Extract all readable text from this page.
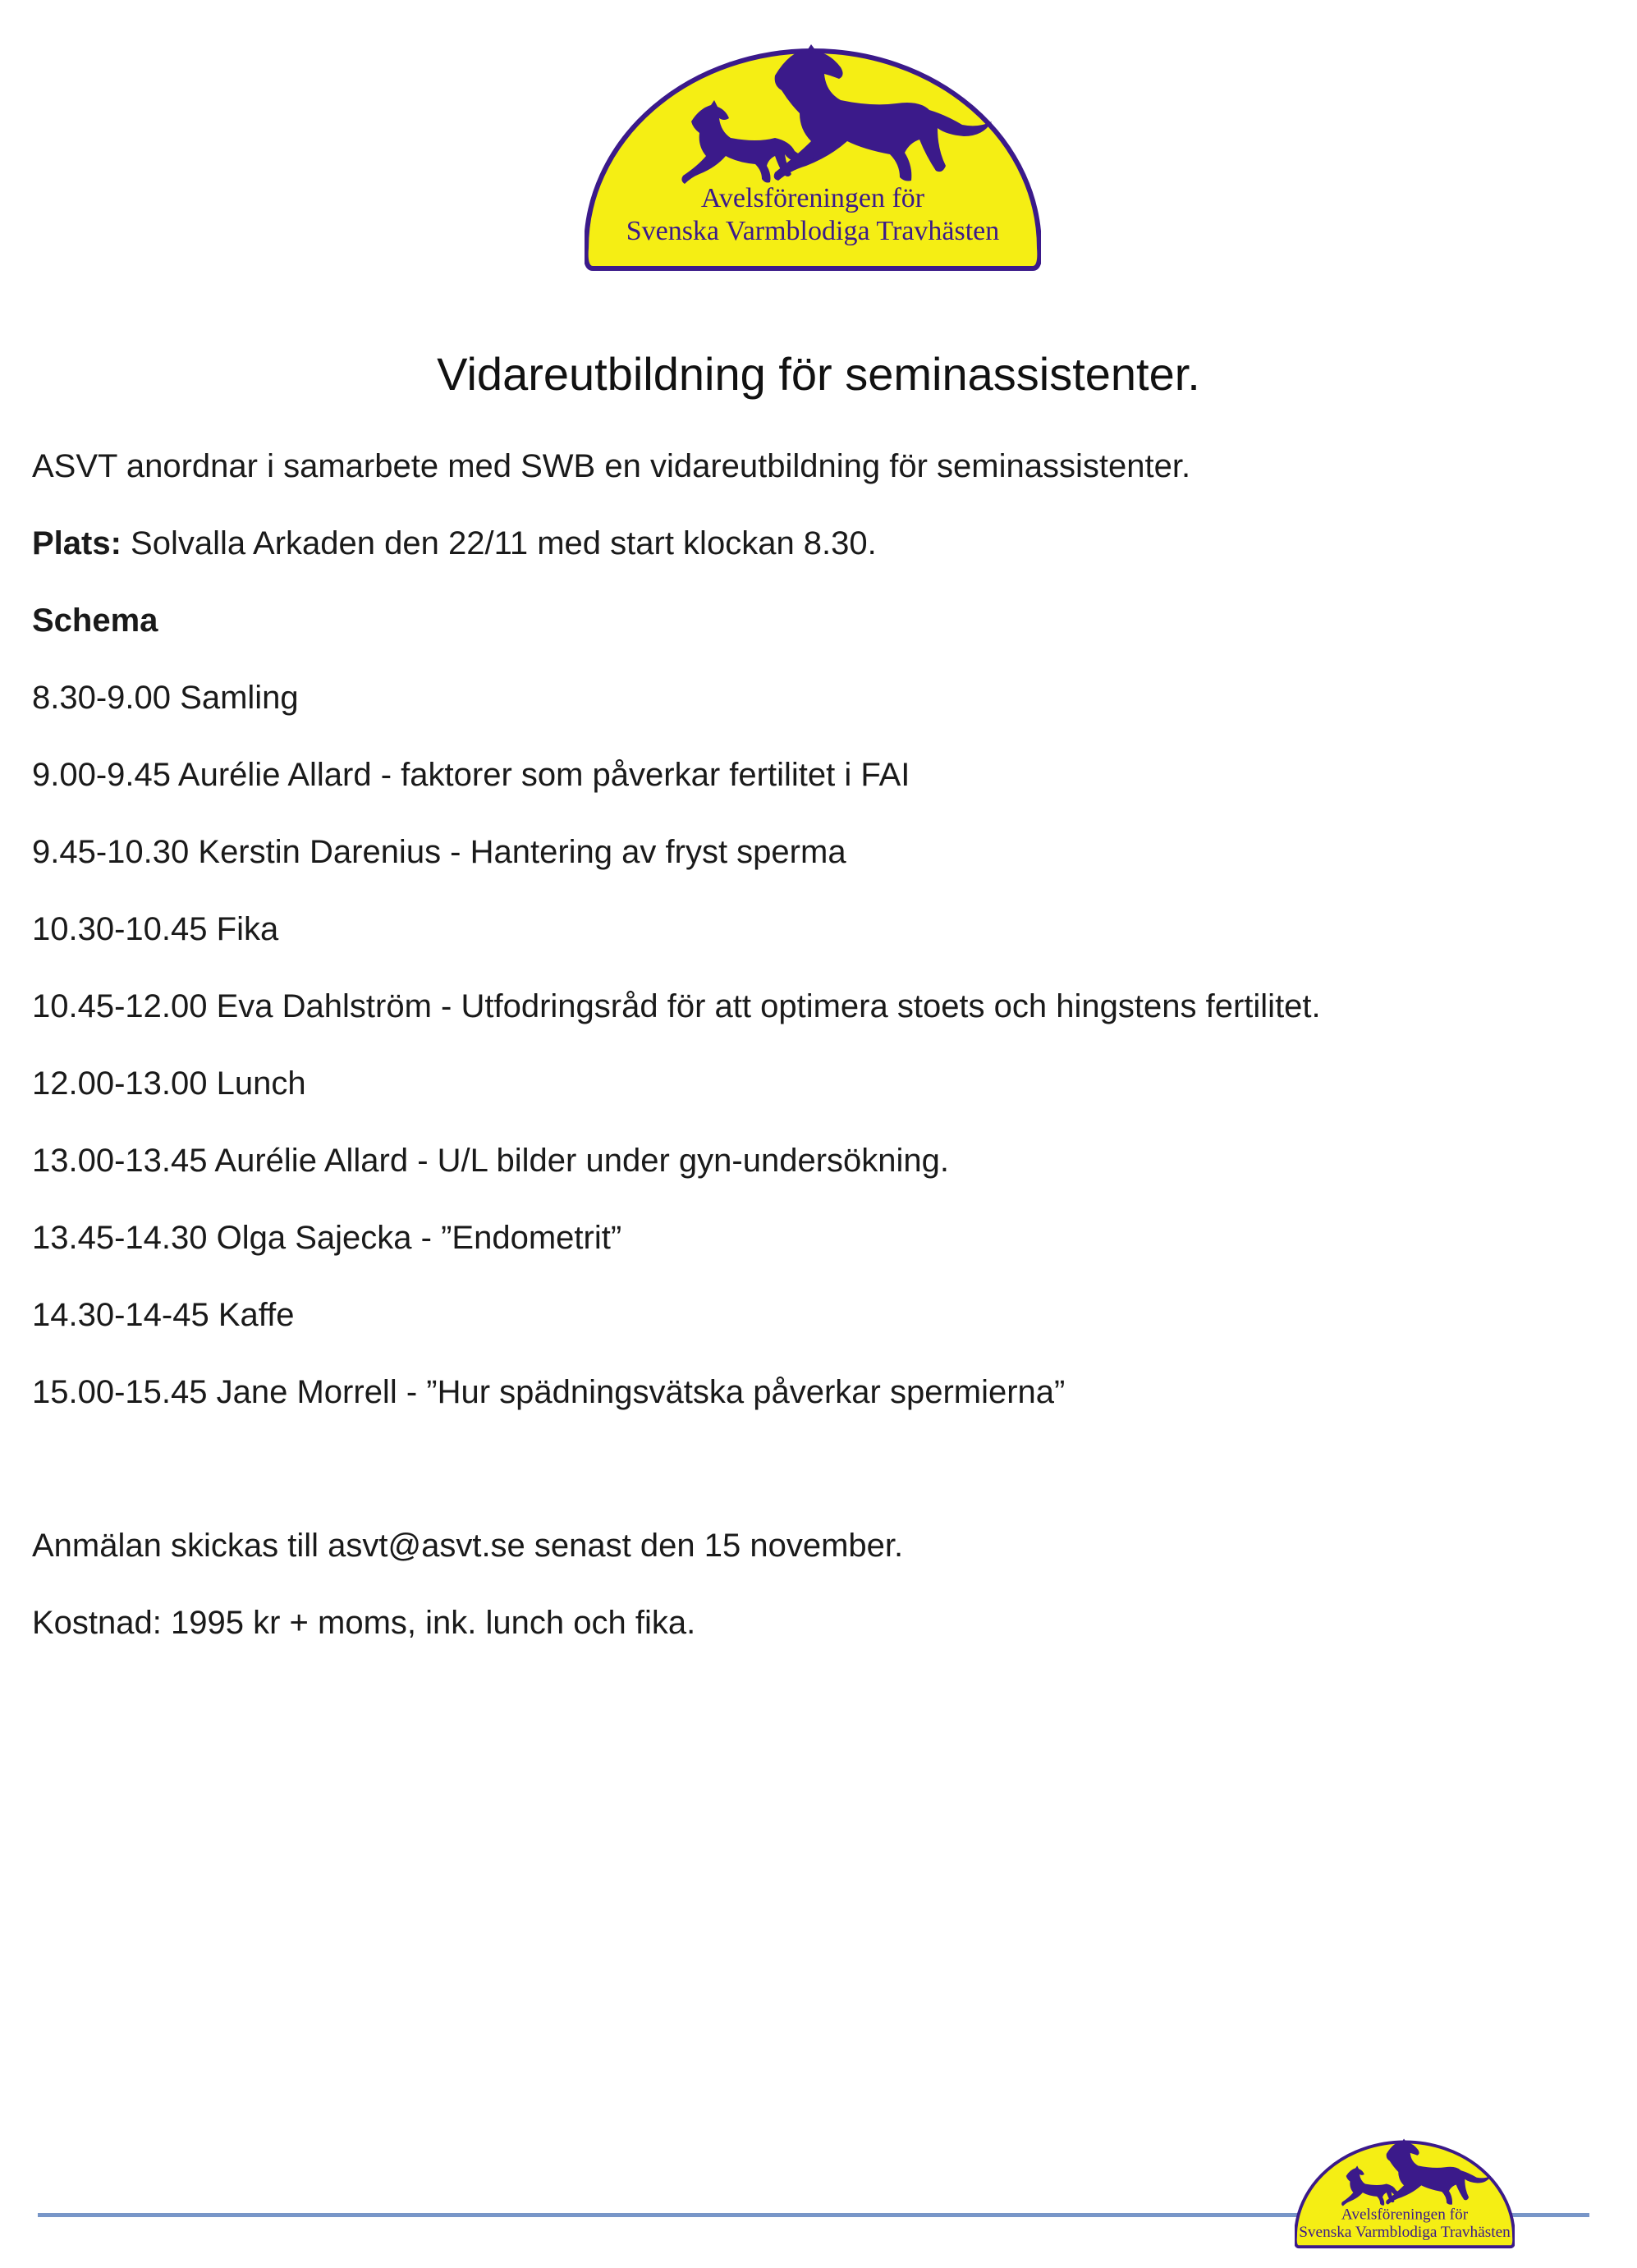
Avelsföreningen för
Svenska Varmblodiga Travhästen
Vidareutbildning för seminassistenter.
ASVT anordnar i samarbete med SWB en vidareutbildning för seminassistenter.
Plats: Solvalla Arkaden den 22/11 med start klockan 8.30.
Schema
8.30-9.00 Samling
9.00-9.45 Aurélie Allard - faktorer som påverkar fertilitet i FAI
9.45-10.30 Kerstin Darenius - Hantering av fryst sperma
10.30-10.45 Fika
10.45-12.00 Eva Dahlström - Utfodringsråd för att optimera stoets och hingstens fertilitet.
12.00-13.00 Lunch
13.00-13.45 Aurélie Allard - U/L bilder under gyn-undersökning.
13.45-14.30 Olga Sajecka - ”Endometrit”
14.30-14-45 Kaffe
15.00-15.45 Jane Morrell - ”Hur spädningsvätska påverkar spermierna”
Anmälan skickas till asvt@asvt.se senast den 15 november.
Kostnad: 1995 kr + moms, ink. lunch och fika.
Avelsföreningen för
Svenska Varmblodiga Travhästen
